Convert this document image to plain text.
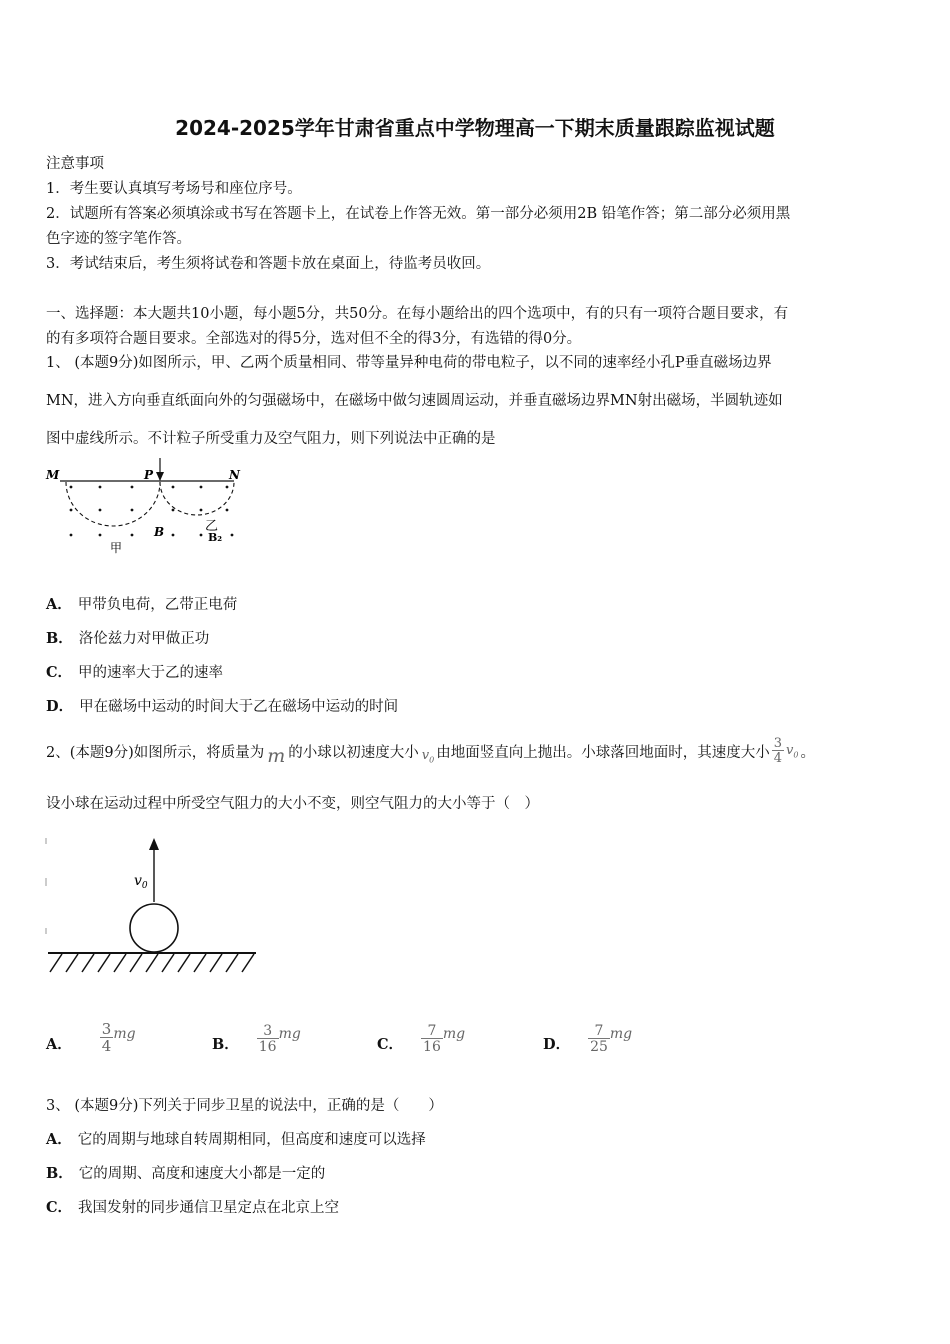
2024-2025学年甘肃省重点中学物理高一下期末质量跟踪监视试题
注意事项
1．考生要认真填写考场号和座位序号。
2．试题所有答案必须填涂或书写在答题卡上，在试卷上作答无效。第一部分必须用2B 铅笔作答；第二部分必须用黑
色字迹的签字笔作答。
3．考试结束后，考生须将试卷和答题卡放在桌面上，待监考员收回。
一、选择题：本大题共10小题，每小题5分，共50分。在每小题给出的四个选项中，有的只有一项符合题目要求，有
的有多项符合题目要求。全部选对的得5分，选对但不全的得3分，有选错的得0分。
1、 (本题9分)如图所示，甲、乙两个质量相同、带等量异种电荷的带电粒子，以不同的速率经小孔P垂直磁场边界
MN，进入方向垂直纸面向外的匀强磁场中，在磁场中做匀速圆周运动，并垂直磁场边界MN射出磁场，半圆轨迹如
图中虚线所示。不计粒子所受重力及空气阻力，则下列说法中正确的是
M	P	N
B
甲
乙
B₂
A． 甲带负电荷，乙带正电荷
B． 洛伦兹力对甲做正功
C． 甲的速率大于乙的速率
D． 甲在磁场中运动的时间大于乙在磁场中运动的时间
2、(本题9分)如图所示，将质量为 m 的小球以初速度大小 $v_0$ 由地面竖直向上抛出。小球落回地面时，其速度大小 $\frac{3}{4} v_0$ 。
设小球在运动过程中所受空气阻力的大小不变，则空气阻力的大小等于（　）
$v_0$
A． $\frac{3}{4}$ mg
B． $\frac{3}{16}$ mg
C． $\frac{7}{16}$ mg
D． $\frac{7}{25}$ mg
3、 (本题9分)下列关于同步卫星的说法中，正确的是（　　）
A． 它的周期与地球自转周期相同，但高度和速度可以选择
B． 它的周期、高度和速度大小都是一定的
C． 我国发射的同步通信卫星定点在北京上空
